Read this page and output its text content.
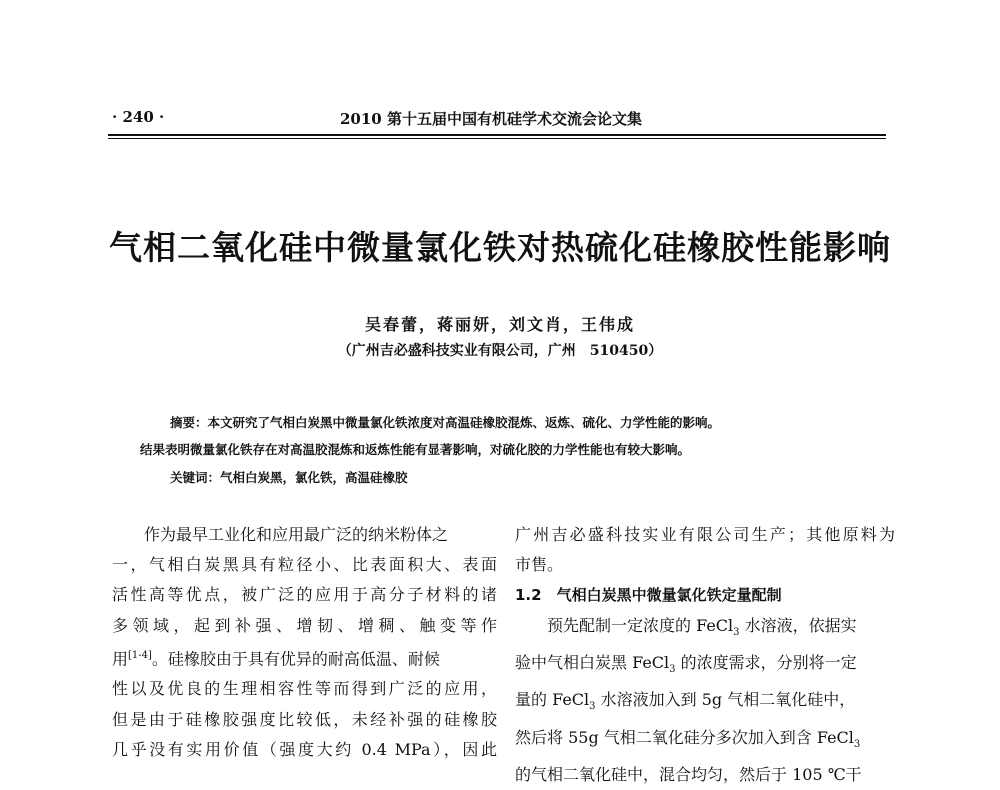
· 240 ·	2010 第十五届中国有机硅学术交流会论文集
气相二氧化硅中微量氯化铁对热硫化硅橡胶性能影响
吴春蕾，蒋丽妍，刘文肖，王伟成
（广州吉必盛科技实业有限公司，广州　510450）
摘要：本文研究了气相白炭黑中微量氯化铁浓度对高温硅橡胶混炼、返炼、硫化、力学性能的影响。
结果表明微量氯化铁存在对高温胶混炼和返炼性能有显著影响，对硫化胶的力学性能也有较大影响。
关键词：气相白炭黑，氯化铁，高温硅橡胶
作为最早工业化和应用最广泛的纳米粉体之
一，气相白炭黑具有粒径小、比表面积大、表面
活性高等优点，被广泛的应用于高分子材料的诸
多领域，起到补强、增韧、增稠、触变等作
用[1-4]。硅橡胶由于具有优异的耐高低温、耐候
性以及优良的生理相容性等而得到广泛的应用，
但是由于硅橡胶强度比较低，未经补强的硅橡胶
几乎没有实用价值（强度大约 0.4 MPa），因此
广州吉必盛科技实业有限公司生产；其他原料为
市售。
1.2　气相白炭黑中微量氯化铁定量配制
预先配制一定浓度的 FeCl$_3$ 水溶液，依据实
验中气相白炭黑 FeCl$_3$ 的浓度需求，分别将一定
量的 FeCl$_3$ 水溶液加入到 5g 气相二氧化硅中，
然后将 55g 气相二氧化硅分多次加入到含 FeCl$_3$
的气相二氧化硅中，混合均匀，然后于 105 ℃干
